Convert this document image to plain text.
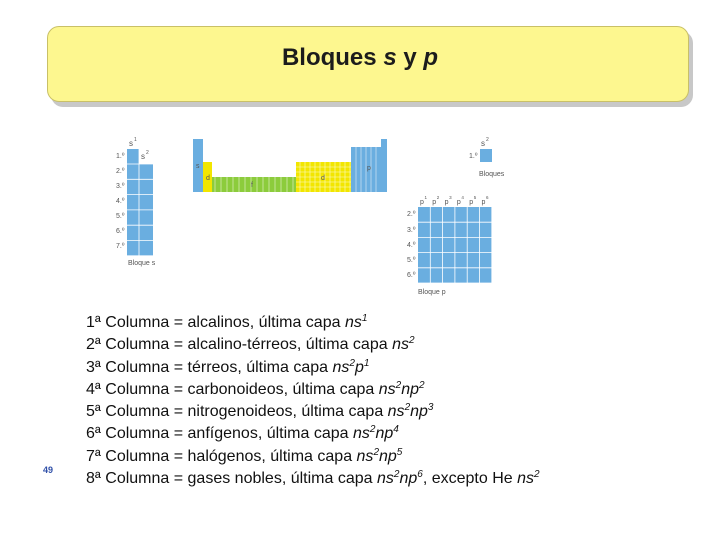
Bloques s y p
s 1
s 2
1.º
2.º
3.º
4.º
5.º
6.º
7.º
Bloque s
s
d
f
d
p
s 2
1.º
Bloques
p
1
p
2
p
3
p
4
p
5
p
6
2.º
3.º
4.º
5.º
6.º
Bloque p
1ª Columna = alcalinos, última capa $ns^1$
2ª Columna = alcalino-térreos, última capa $ns^2$
3ª Columna = térreos, última capa $ns^2p^1$
4ª Columna = carbonoideos, última capa $ns^2np^2$
5ª Columna = nitrogenoideos, última capa $ns^2np^3$
6ª Columna = anfígenos, última capa $ns^2np^4$
7ª Columna = halógenos, última capa $ns^2np^5$
8ª Columna = gases nobles, última capa $ns^2np^6$, excepto He $ns^2$
49
